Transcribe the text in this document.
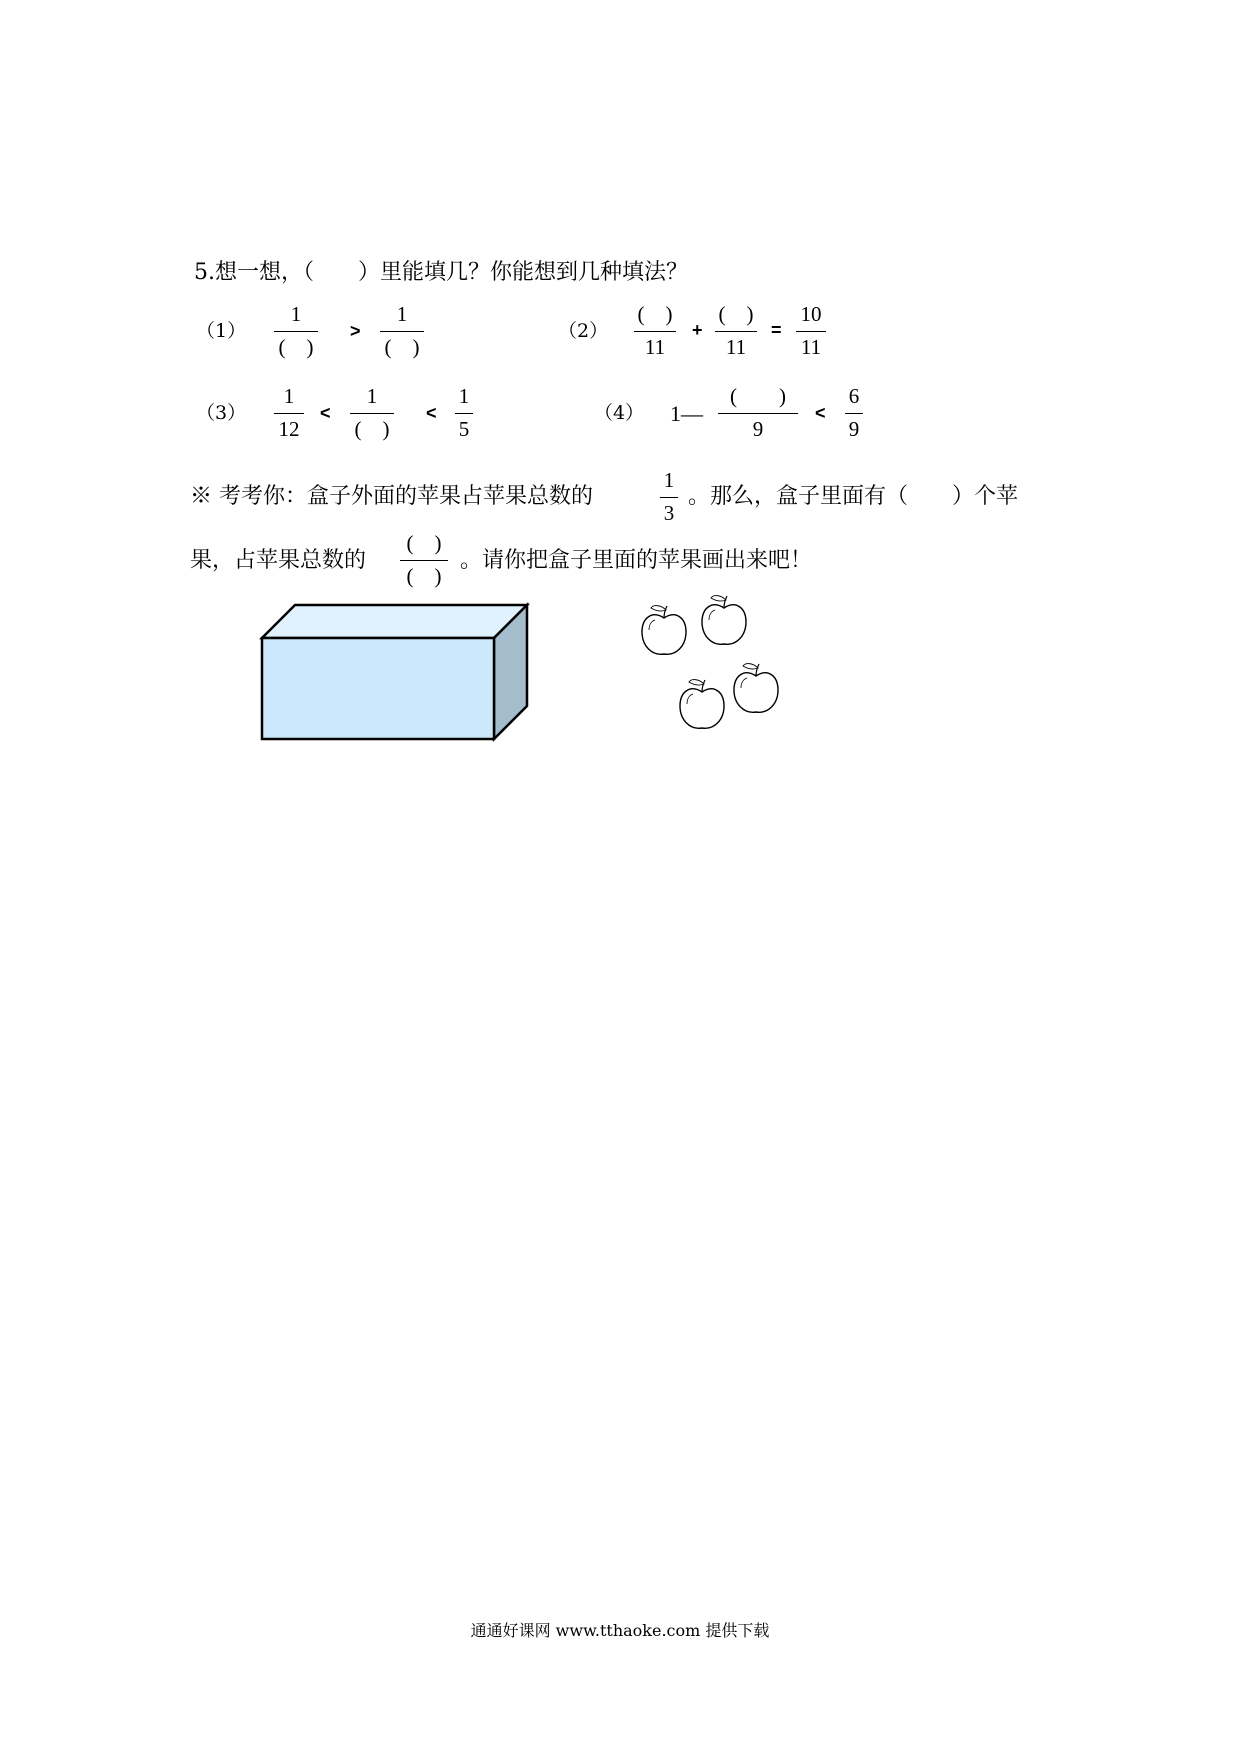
5.想一想，（　　）里能填几？你能想到几种填法？
（1）
1
(　)
>
1
(　)
（2）
(　)
11
+
(　)
11
=
10
11
（3）
1
12
<
1
(　)
<
1
5
（4） 1—
(　　)
9
<
6
9
※ 考考你：盒子外面的苹果占苹果总数的
1
3
。那么，盒子里面有（　　）个苹
果，占苹果总数的
(　)
(　)
。请你把盒子里面的苹果画出来吧！
通通好课网 www.tthaoke.com 提供下载
